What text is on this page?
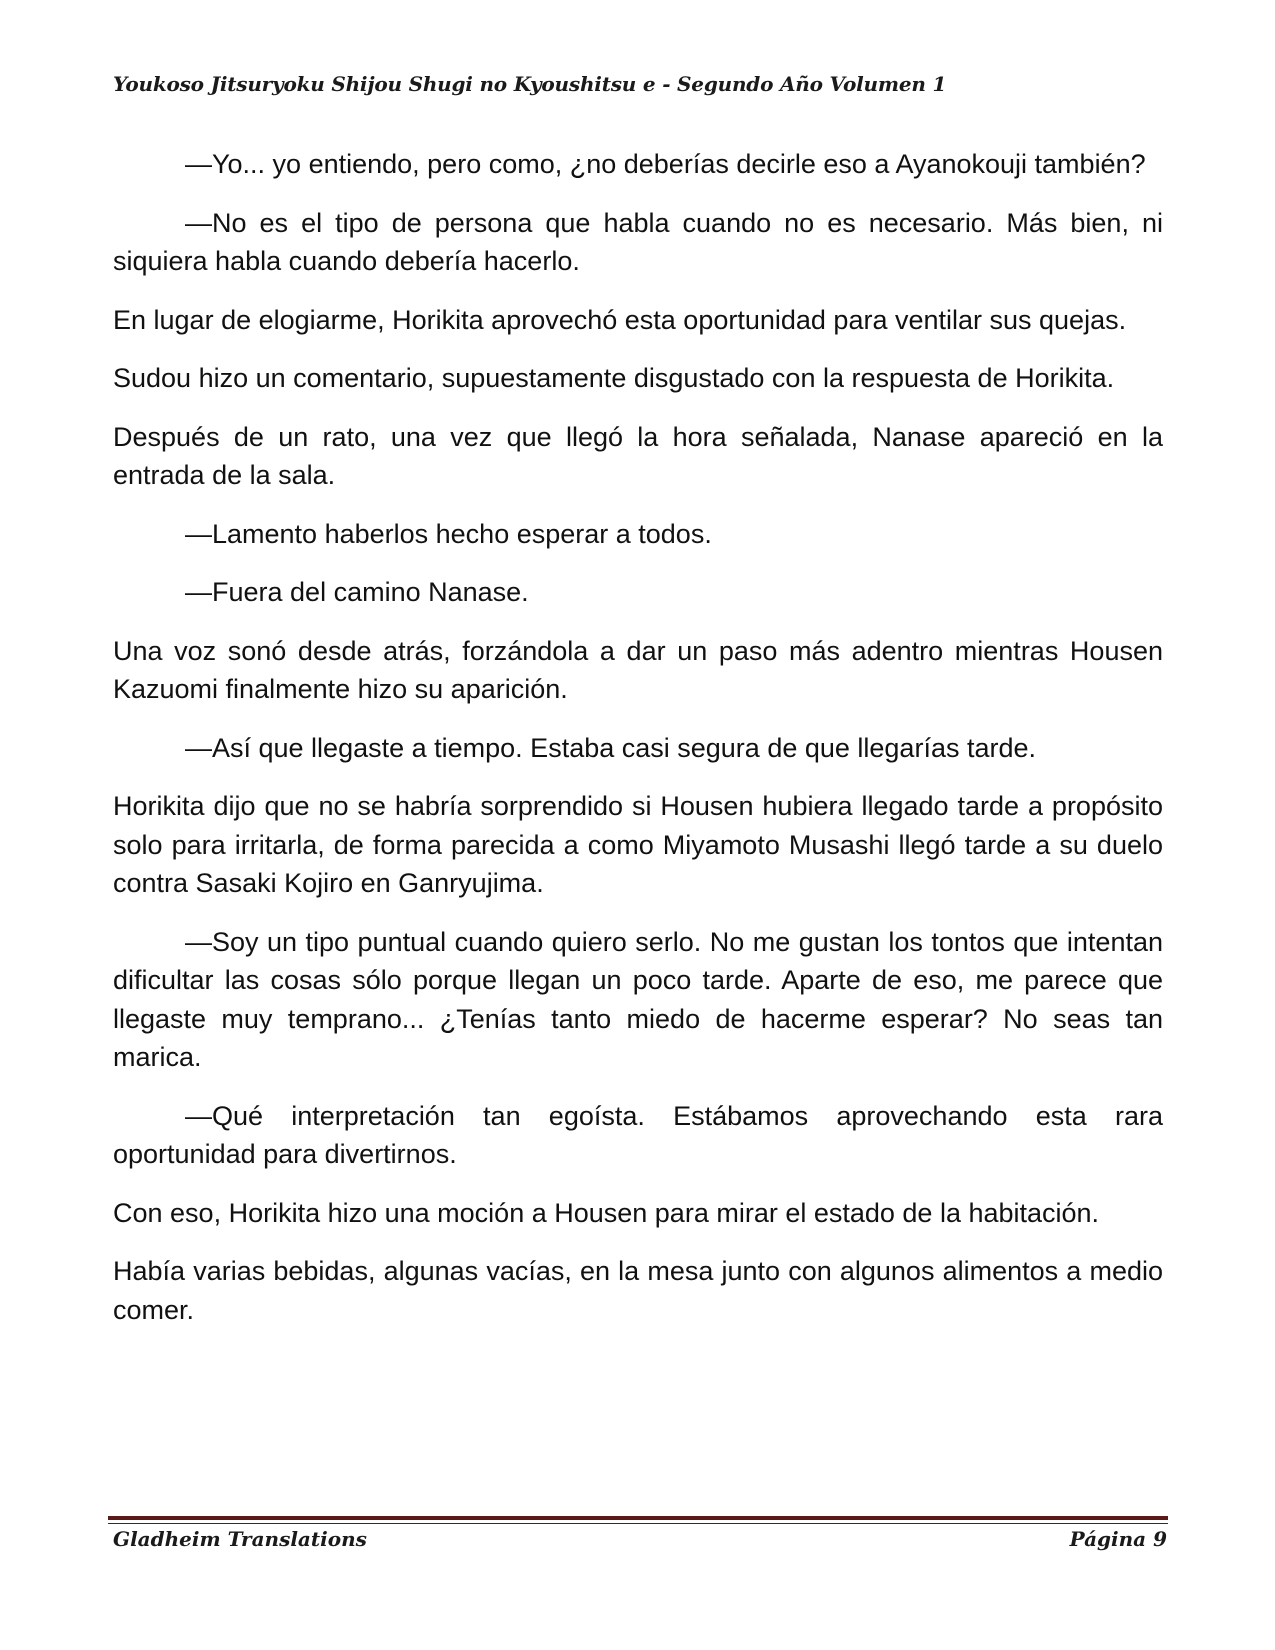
Youkoso Jitsuryoku Shijou Shugi no Kyoushitsu e - Segundo Año Volumen 1

—Yo... yo entiendo, pero como, ¿no deberías decirle eso a Ayanokouji también?

—No es el tipo de persona que habla cuando no es necesario. Más bien, ni siquiera habla cuando debería hacerlo.

En lugar de elogiarme, Horikita aprovechó esta oportunidad para ventilar sus quejas.

Sudou hizo un comentario, supuestamente disgustado con la respuesta de Horikita.

Después de un rato, una vez que llegó la hora señalada, Nanase apareció en la entrada de la sala.

—Lamento haberlos hecho esperar a todos.

—Fuera del camino Nanase.

Una voz sonó desde atrás, forzándola a dar un paso más adentro mientras Housen Kazuomi finalmente hizo su aparición.

—Así que llegaste a tiempo. Estaba casi segura de que llegarías tarde.

Horikita dijo que no se habría sorprendido si Housen hubiera llegado tarde a propósito solo para irritarla, de forma parecida a como Miyamoto Musashi llegó tarde a su duelo contra Sasaki Kojiro en Ganryujima.

—Soy un tipo puntual cuando quiero serlo. No me gustan los tontos que intentan dificultar las cosas sólo porque llegan un poco tarde. Aparte de eso, me parece que llegaste muy temprano... ¿Tenías tanto miedo de hacerme esperar? No seas tan marica.

—Qué interpretación tan egoísta. Estábamos aprovechando esta rara oportunidad para divertirnos.

Con eso, Horikita hizo una moción a Housen para mirar el estado de la habitación.

Había varias bebidas, algunas vacías, en la mesa junto con algunos alimentos a medio comer.

Gladheim Translations	Página 9
